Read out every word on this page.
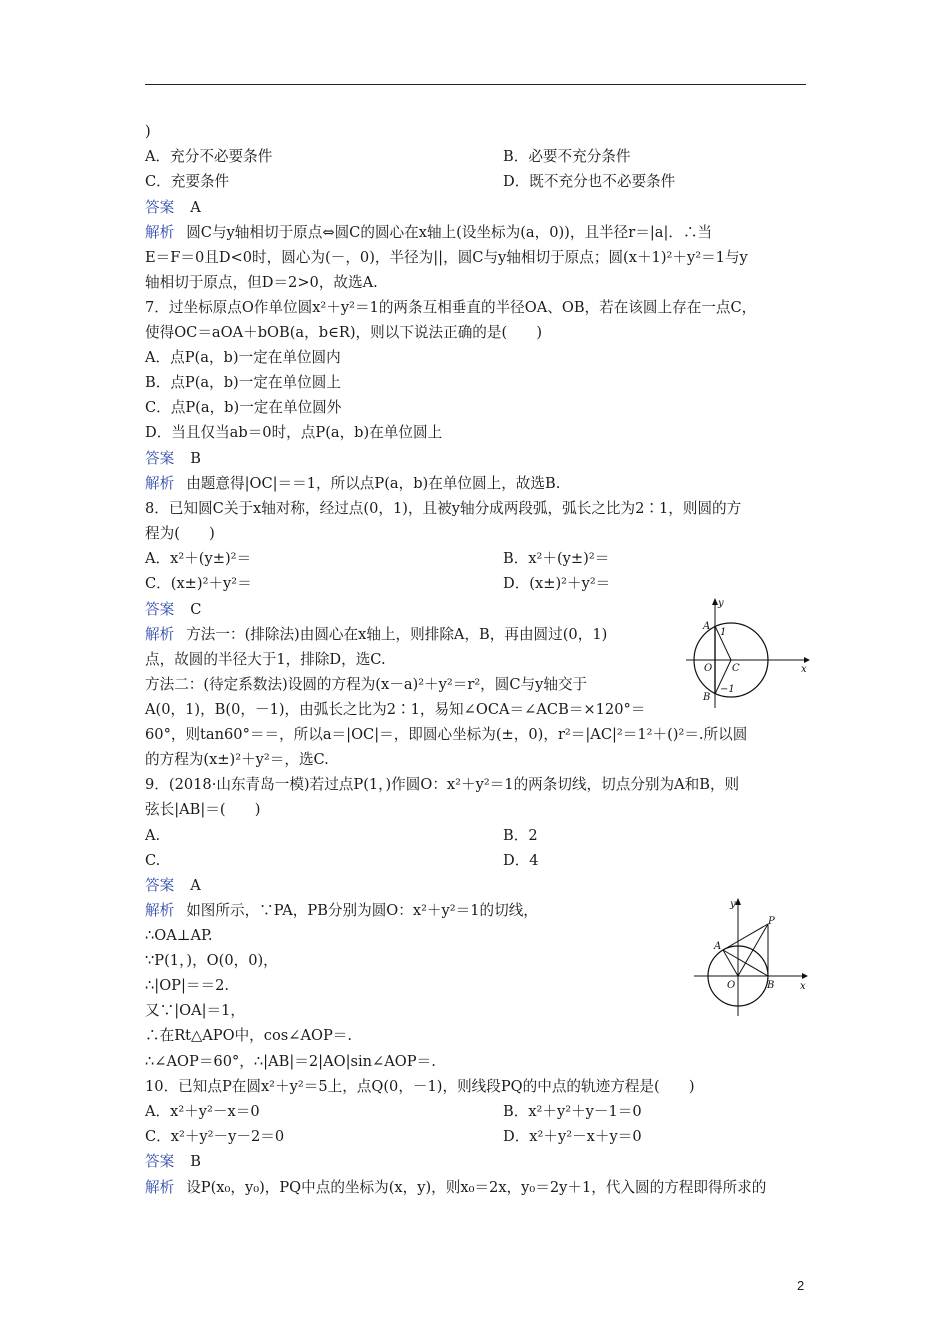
)
A．充分不必要条件	B．必要不充分条件
C．充要条件	D．既不充分也不必要条件
答案 A
解析 圆C与y轴相切于原点⇔圆C的圆心在x轴上(设坐标为(a，0))，且半径r＝|a|．∴当
E＝F＝0且D<0时，圆心为(－，0)，半径为||，圆C与y轴相切于原点；圆(x＋1)²＋y²＝1与y
轴相切于原点，但D＝2>0，故选A.
7．过坐标原点O作单位圆x²＋y²＝1的两条互相垂直的半径OA、OB，若在该圆上存在一点C，
使得OC＝aOA＋bOB(a，b∈R)，则以下说法正确的是(　　)
A．点P(a，b)一定在单位圆内
B．点P(a，b)一定在单位圆上
C．点P(a，b)一定在单位圆外
D．当且仅当ab＝0时，点P(a，b)在单位圆上
答案 B
解析 由题意得|OC|＝＝1，所以点P(a，b)在单位圆上，故选B.
8．已知圆C关于x轴对称，经过点(0，1)，且被y轴分成两段弧，弧长之比为2∶1，则圆的方
程为(　　)
A．x²＋(y±)²＝	B．x²＋(y±)²＝
C．(x±)²＋y²＝	D．(x±)²＋y²＝
答案 C
解析 方法一：(排除法)由圆心在x轴上，则排除A，B，再由圆过(0，1)
点，故圆的半径大于1，排除D，选C.
方法二：(待定系数法)设圆的方程为(x－a)²＋y²＝r²，圆C与y轴交于
A(0，1)，B(0，－1)，由弧长之比为2∶1，易知∠OCA＝∠ACB＝×120°＝
60°，则tan60°＝＝，所以a＝|OC|＝，即圆心坐标为(±，0)，r²＝|AC|²＝1²＋()²＝.所以圆
的方程为(x±)²＋y²＝，选C.
9．(2018·山东青岛一模)若过点P(1，)作圆O：x²＋y²＝1的两条切线，切点分别为A和B，则
弦长|AB|＝(　　)
A.	B．2
C.	D．4
答案 A
解析 如图所示，∵PA，PB分别为圆O：x²＋y²＝1的切线，
∴OA⊥AP.
∵P(1，)，O(0，0)，
∴|OP|＝＝2.
又∵|OA|＝1，
∴在Rt△APO中，cos∠AOP＝.
∴∠AOP＝60°，∴|AB|＝2|AO|sin∠AOP＝.
10．已知点P在圆x²＋y²＝5上，点Q(0，－1)，则线段PQ的中点的轨迹方程是(　　)
A．x²＋y²－x＝0	B．x²＋y²＋y－1＝0
C．x²＋y²－y－2＝0	D．x²＋y²－x＋y＝0
答案 B
解析 设P(x₀，y₀)，PQ中点的坐标为(x，y)，则x₀＝2x，y₀＝2y＋1，代入圆的方程即得所求的
y
x
A
1
O C
−1
B
y
x
P
A
O	B
2
